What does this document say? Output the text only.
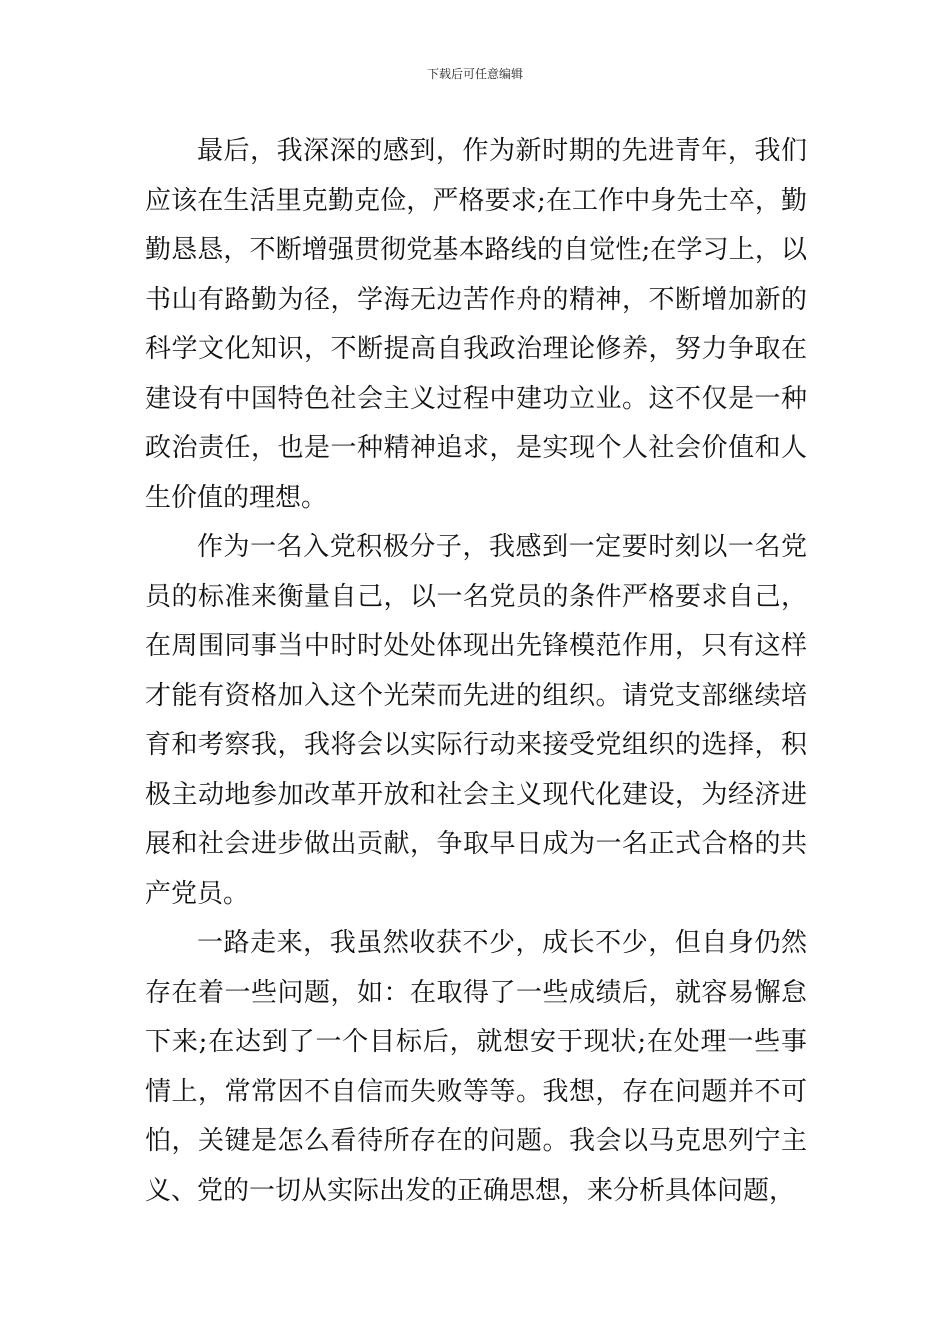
下载后可任意编辑

最后，我深深的感到，作为新时期的先进青年，我们应该在生活里克勤克俭，严格要求;在工作中身先士卒，勤勤恳恳，不断增强贯彻党基本路线的自觉性;在学习上，以书山有路勤为径，学海无边苦作舟的精神，不断增加新的科学文化知识，不断提高自我政治理论修养，努力争取在建设有中国特色社会主义过程中建功立业。这不仅是一种政治责任，也是一种精神追求，是实现个人社会价值和人生价值的理想。

作为一名入党积极分子，我感到一定要时刻以一名党员的标准来衡量自己，以一名党员的条件严格要求自己，在周围同事当中时时处处体现出先锋模范作用，只有这样才能有资格加入这个光荣而先进的组织。请党支部继续培育和考察我，我将会以实际行动来接受党组织的选择，积极主动地参加改革开放和社会主义现代化建设，为经济进展和社会进步做出贡献，争取早日成为一名正式合格的共产党员。

一路走来，我虽然收获不少，成长不少，但自身仍然存在着一些问题，如：在取得了一些成绩后，就容易懈怠下来;在达到了一个目标后，就想安于现状;在处理一些事情上，常常因不自信而失败等等。我想，存在问题并不可怕，关键是怎么看待所存在的问题。我会以马克思列宁主义、党的一切从实际出发的正确思想，来分析具体问题，
